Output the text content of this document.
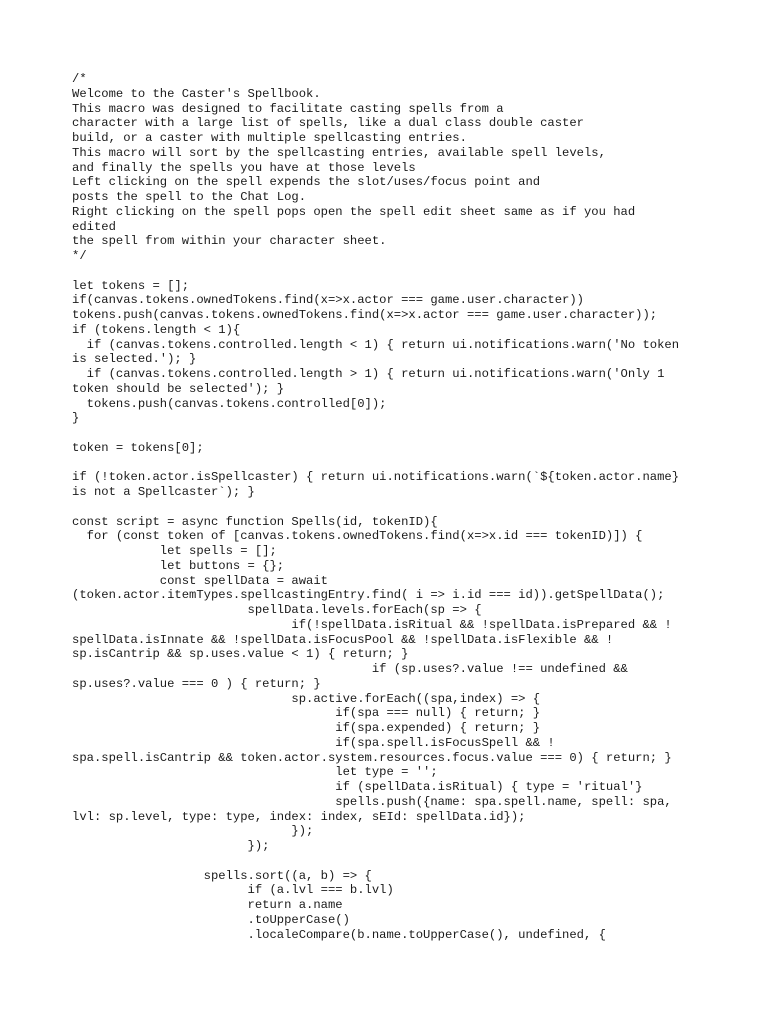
/*
Welcome to the Caster's Spellbook.
This macro was designed to facilitate casting spells from a
character with a large list of spells, like a dual class double caster
build, or a caster with multiple spellcasting entries.
This macro will sort by the spellcasting entries, available spell levels,
and finally the spells you have at those levels
Left clicking on the spell expends the slot/uses/focus point and
posts the spell to the Chat Log.
Right clicking on the spell pops open the spell edit sheet same as if you had
edited
the spell from within your character sheet.
*/
let tokens = [];
if(canvas.tokens.ownedTokens.find(x=>x.actor === game.user.character))
tokens.push(canvas.tokens.ownedTokens.find(x=>x.actor === game.user.character));
if (tokens.length < 1){
if (canvas.tokens.controlled.length < 1) { return ui.notifications.warn('No token
is selected.'); }
if (canvas.tokens.controlled.length > 1) { return ui.notifications.warn('Only 1
token should be selected'); }
tokens.push(canvas.tokens.controlled[0]);
}
token = tokens[0];
if (!token.actor.isSpellcaster) { return ui.notifications.warn(`${token.actor.name}
is not a Spellcaster`); }
const script = async function Spells(id, tokenID){
for (const token of [canvas.tokens.ownedTokens.find(x=>x.id === tokenID)]) {
let spells = [];
let buttons = {};
const spellData = await
(token.actor.itemTypes.spellcastingEntry.find( i => i.id === id)).getSpellData();
spellData.levels.forEach(sp => {
if(!spellData.isRitual && !spellData.isPrepared && !
spellData.isInnate && !spellData.isFocusPool && !spellData.isFlexible && !
sp.isCantrip && sp.uses.value < 1) { return; }
if (sp.uses?.value !== undefined &&
sp.uses?.value === 0 ) { return; }
sp.active.forEach((spa,index) => {
if(spa === null) { return; }
if(spa.expended) { return; }
if(spa.spell.isFocusSpell && !
spa.spell.isCantrip && token.actor.system.resources.focus.value === 0) { return; }
let type = '';
if (spellData.isRitual) { type = 'ritual'}
spells.push({name: spa.spell.name, spell: spa,
lvl: sp.level, type: type, index: index, sEId: spellData.id});
});
});
spells.sort((a, b) => {
if (a.lvl === b.lvl)
return a.name
.toUpperCase()
.localeCompare(b.name.toUpperCase(), undefined, {
